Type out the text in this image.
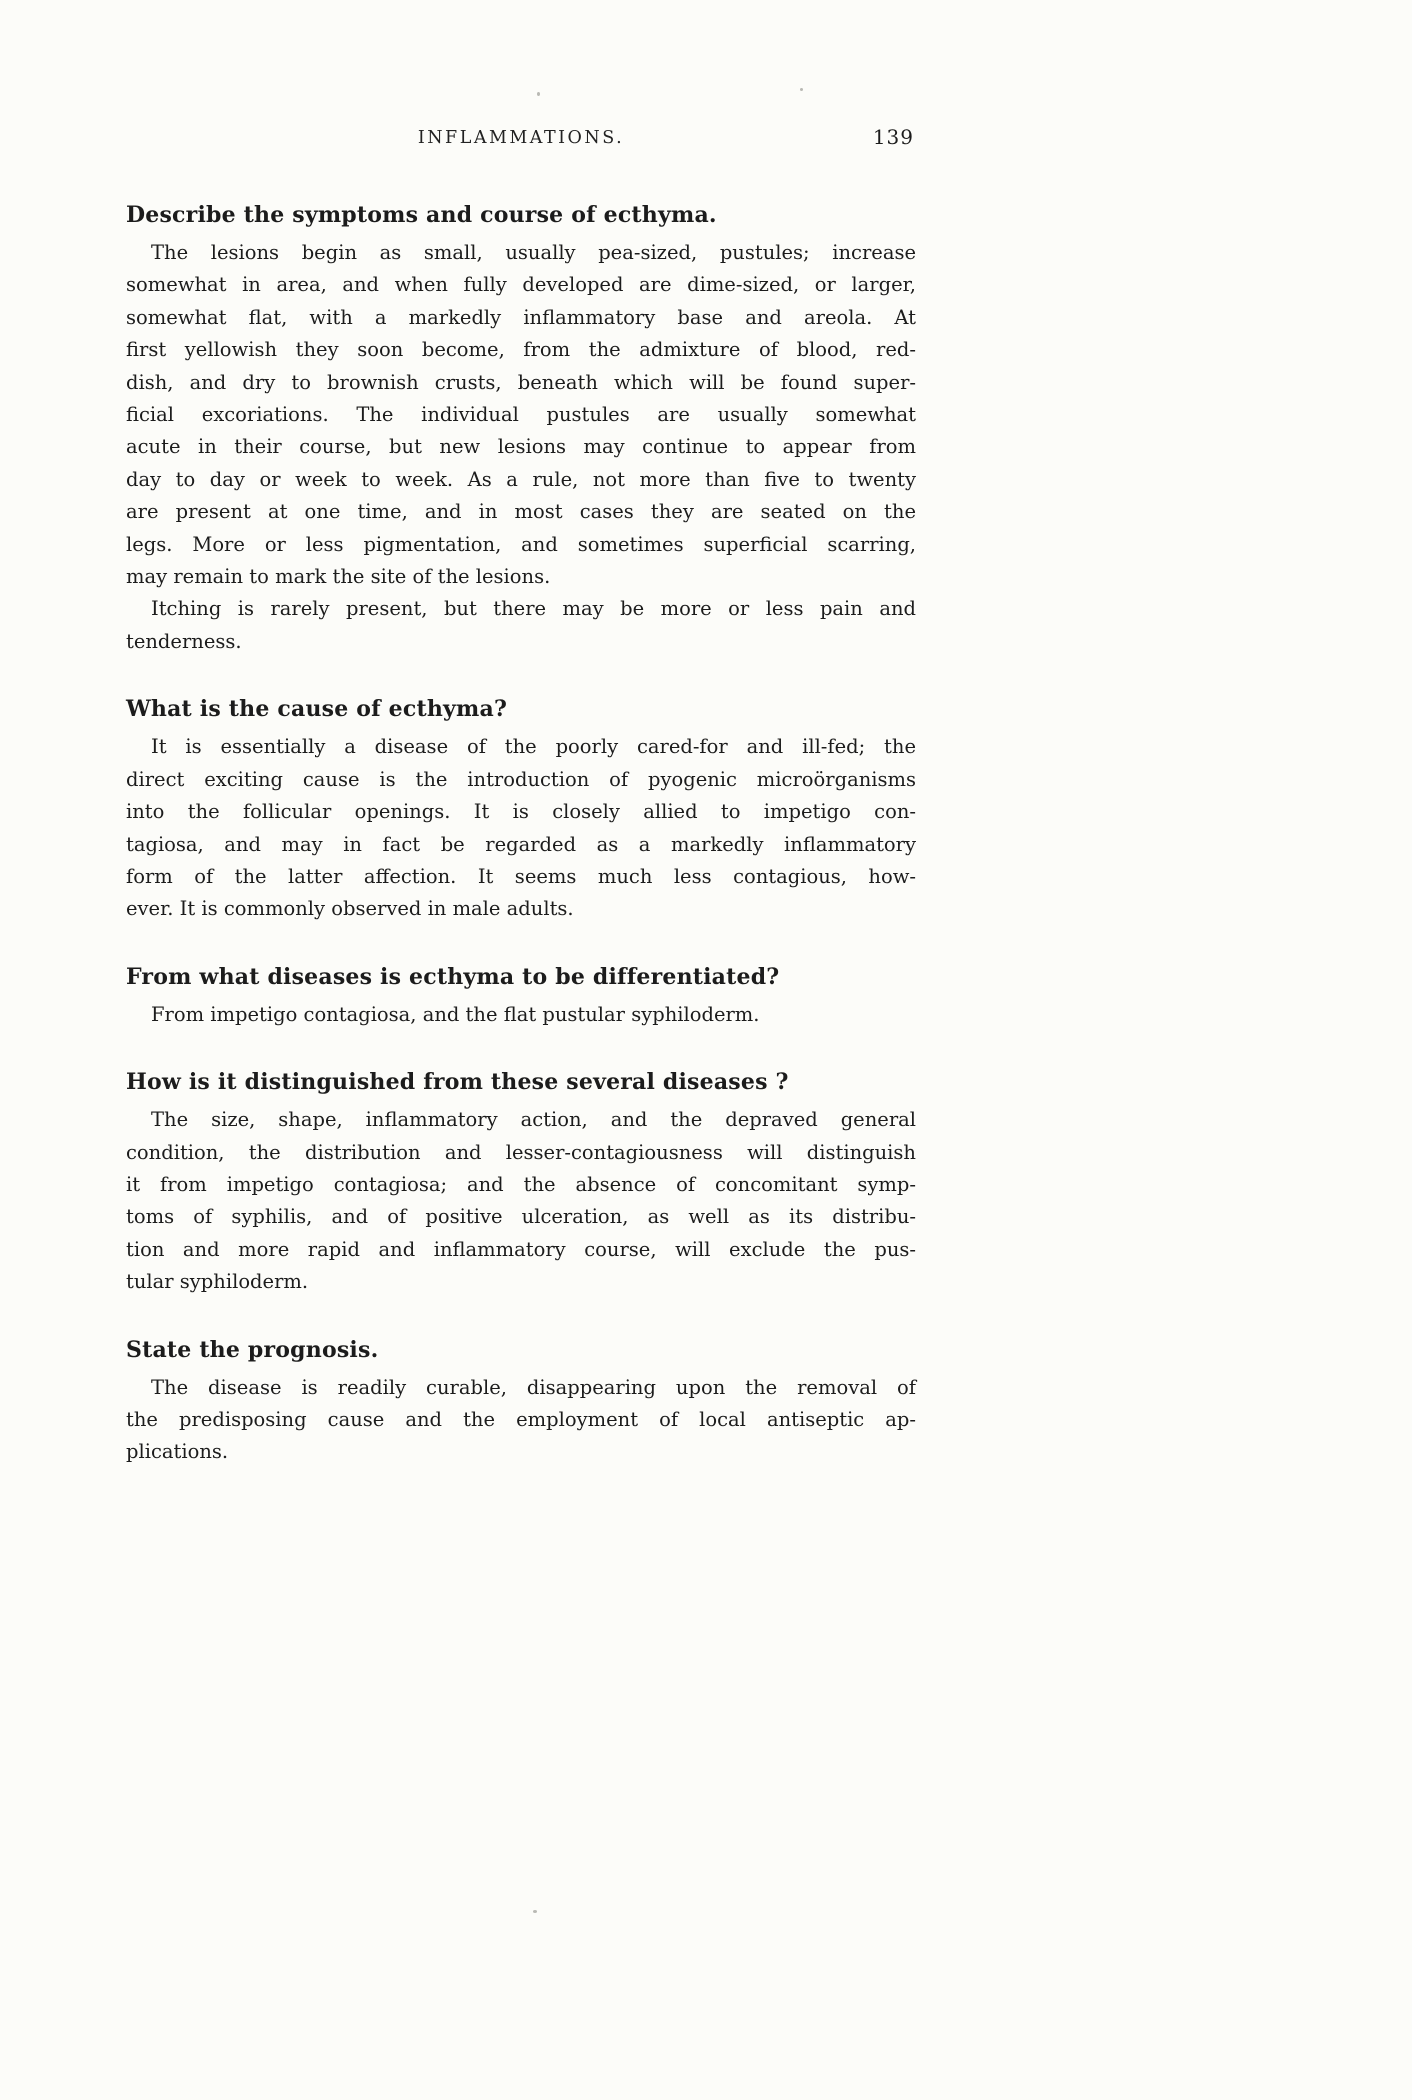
INFLAMMATIONS.	139
Describe the symptoms and course of ecthyma.
The lesions begin as small, usually pea-sized, pustules; increase
somewhat in area, and when fully developed are dime-sized, or larger,
somewhat flat, with a markedly inflammatory base and areola. At
first yellowish they soon become, from the admixture of blood, red-
dish, and dry to brownish crusts, beneath which will be found super-
ficial excoriations. The individual pustules are usually somewhat
acute in their course, but new lesions may continue to appear from
day to day or week to week. As a rule, not more than five to twenty
are present at one time, and in most cases they are seated on the
legs. More or less pigmentation, and sometimes superficial scarring,
may remain to mark the site of the lesions.
Itching is rarely present, but there may be more or less pain and
tenderness.
What is the cause of ecthyma?
It is essentially a disease of the poorly cared-for and ill-fed; the
direct exciting cause is the introduction of pyogenic microörganisms
into the follicular openings. It is closely allied to impetigo con-
tagiosa, and may in fact be regarded as a markedly inflammatory
form of the latter affection. It seems much less contagious, how-
ever. It is commonly observed in male adults.
From what diseases is ecthyma to be differentiated?
From impetigo contagiosa, and the flat pustular syphiloderm.
How is it distinguished from these several diseases ?
The size, shape, inflammatory action, and the depraved general
condition, the distribution and lesser-contagiousness will distinguish
it from impetigo contagiosa; and the absence of concomitant symp-
toms of syphilis, and of positive ulceration, as well as its distribu-
tion and more rapid and inflammatory course, will exclude the pus-
tular syphiloderm.
State the prognosis.
The disease is readily curable, disappearing upon the removal of
the predisposing cause and the employment of local antiseptic ap-
plications.
